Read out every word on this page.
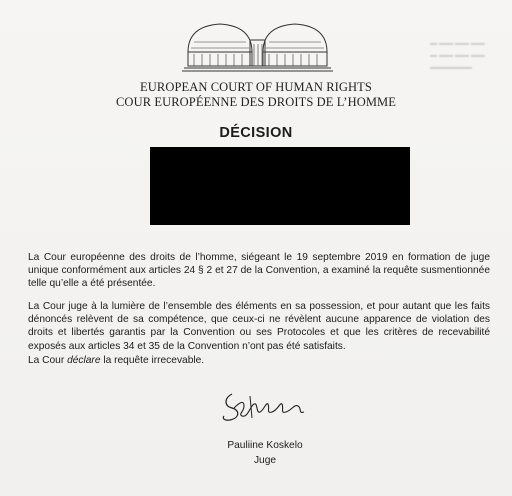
▬ ▬▬ ▬▬ ▬▬
▬ ▬▬ ▬▬ ▬▬
▬▬▬▬▬▬
EUROPEAN COURT OF HUMAN RIGHTS
COUR EUROPÉENNE DES DROITS DE L’HOMME
DÉCISION

La Cour européenne des droits de l’homme, siégeant le 19 septembre 2019 en formation de juge unique conformément aux articles 24 § 2 et 27 de la Convention, a examiné la requête susmentionnée telle qu’elle a été présentée.

La Cour juge à la lumière de l’ensemble des éléments en sa possession, et pour autant que les faits dénoncés relèvent de sa compétence, que ceux-ci ne révèlent aucune apparence de violation des droits et libertés garantis par la Convention ou ses Protocoles et que les critères de recevabilité exposés aux articles 34 et 35 de la Convention n’ont pas été satisfaits.

La Cour déclare la requête irrecevable.

Pauliine Koskelo
Juge
